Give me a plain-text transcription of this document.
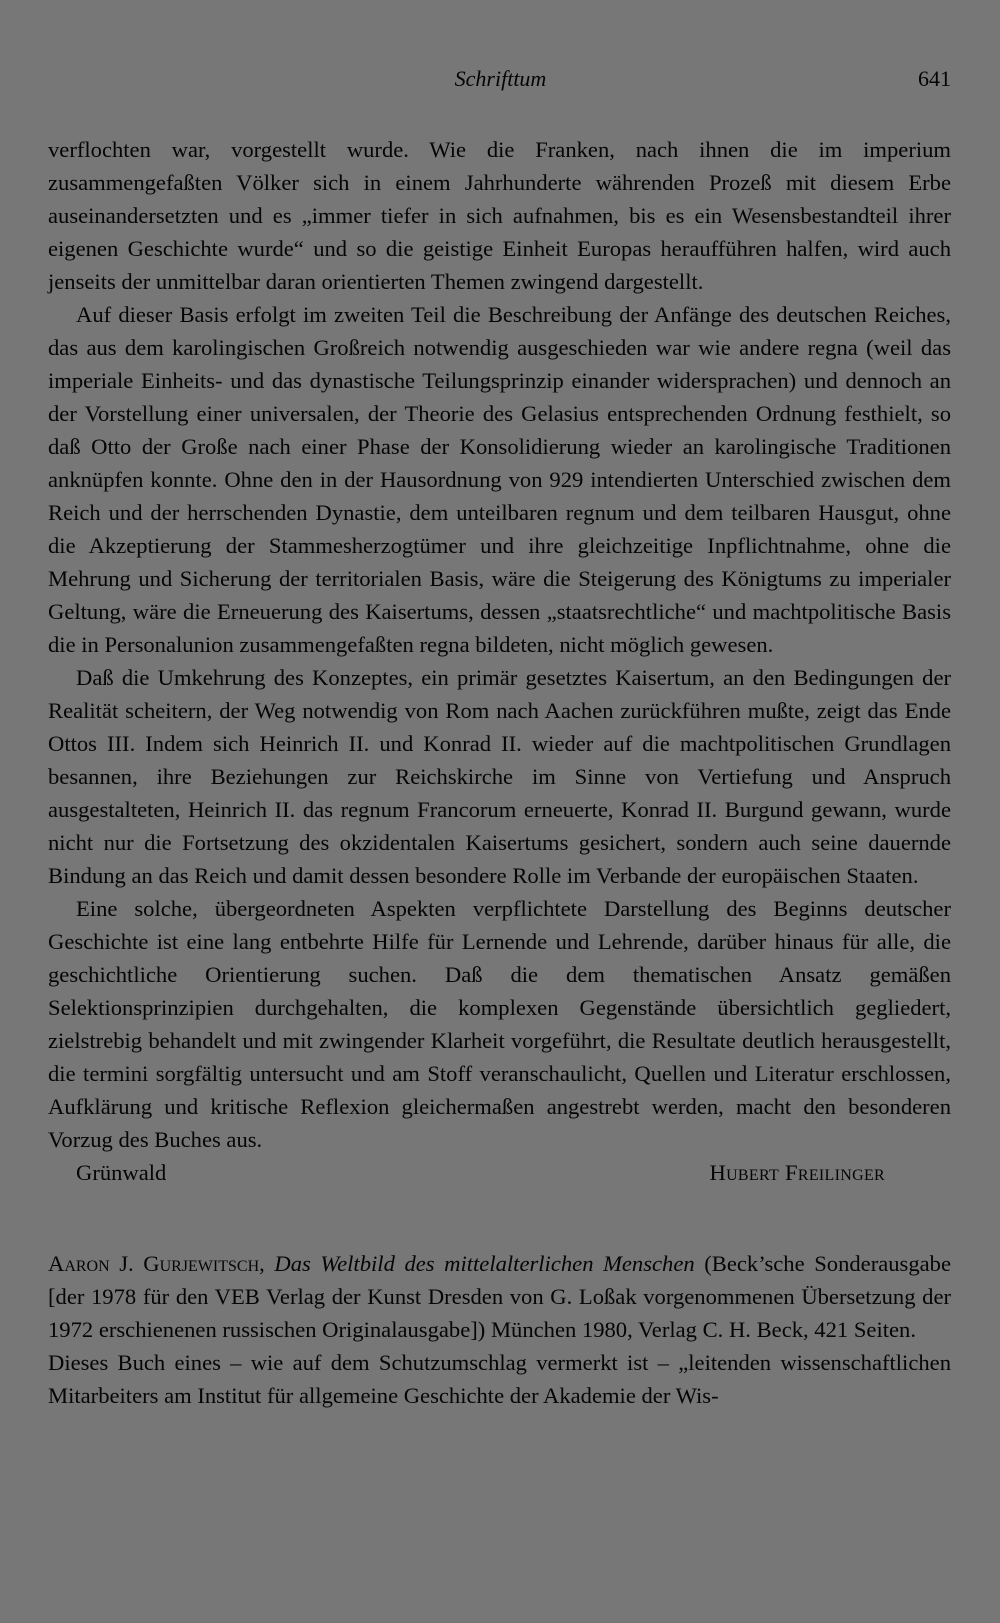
Schrifttum	641

verflochten war, vorgestellt wurde. Wie die Franken, nach ihnen die im imperium zusammengefaßten Völker sich in einem Jahrhunderte währenden Prozeß mit diesem Erbe auseinandersetzten und es „immer tiefer in sich aufnahmen, bis es ein Wesensbestandteil ihrer eigenen Geschichte wurde“ und so die geistige Einheit Europas heraufführen halfen, wird auch jenseits der unmittelbar daran orientierten Themen zwingend dargestellt.

Auf dieser Basis erfolgt im zweiten Teil die Beschreibung der Anfänge des deutschen Reiches, das aus dem karolingischen Großreich notwendig ausgeschieden war wie andere regna (weil das imperiale Einheits- und das dynastische Teilungsprinzip einander widersprachen) und dennoch an der Vorstellung einer universalen, der Theorie des Gelasius entsprechenden Ordnung festhielt, so daß Otto der Große nach einer Phase der Konsolidierung wieder an karolingische Traditionen anknüpfen konnte. Ohne den in der Hausordnung von 929 intendierten Unterschied zwischen dem Reich und der herrschenden Dynastie, dem unteilbaren regnum und dem teilbaren Hausgut, ohne die Akzeptierung der Stammesherzogtümer und ihre gleichzeitige Inpflichtnahme, ohne die Mehrung und Sicherung der territorialen Basis, wäre die Steigerung des Königtums zu imperialer Geltung, wäre die Erneuerung des Kaisertums, dessen „staatsrechtliche“ und machtpolitische Basis die in Personalunion zusammengefaßten regna bildeten, nicht möglich gewesen.

Daß die Umkehrung des Konzeptes, ein primär gesetztes Kaisertum, an den Bedingungen der Realität scheitern, der Weg notwendig von Rom nach Aachen zurückführen mußte, zeigt das Ende Ottos III. Indem sich Heinrich II. und Konrad II. wieder auf die machtpolitischen Grundlagen besannen, ihre Beziehungen zur Reichskirche im Sinne von Vertiefung und Anspruch ausgestalteten, Heinrich II. das regnum Francorum erneuerte, Konrad II. Burgund gewann, wurde nicht nur die Fortsetzung des okzidentalen Kaisertums gesichert, sondern auch seine dauernde Bindung an das Reich und damit dessen besondere Rolle im Verbande der europäischen Staaten.

Eine solche, übergeordneten Aspekten verpflichtete Darstellung des Beginns deutscher Geschichte ist eine lang entbehrte Hilfe für Lernende und Lehrende, darüber hinaus für alle, die geschichtliche Orientierung suchen. Daß die dem thematischen Ansatz gemäßen Selektionsprinzipien durchgehalten, die komplexen Gegenstände übersichtlich gegliedert, zielstrebig behandelt und mit zwingender Klarheit vorgeführt, die Resultate deutlich herausgestellt, die termini sorgfältig untersucht und am Stoff veranschaulicht, Quellen und Literatur erschlossen, Aufklärung und kritische Reflexion gleichermaßen angestrebt werden, macht den besonderen Vorzug des Buches aus.

Grünwald	Hubert Freilinger

Aaron J. Gurjewitsch, Das Weltbild des mittelalterlichen Menschen (Beck’sche Sonderausgabe [der 1978 für den VEB Verlag der Kunst Dresden von G. Loßak vorgenommenen Übersetzung der 1972 erschienenen russischen Originalausgabe]) München 1980, Verlag C. H. Beck, 421 Seiten.

Dieses Buch eines – wie auf dem Schutzumschlag vermerkt ist – „leitenden wissenschaftlichen Mitarbeiters am Institut für allgemeine Geschichte der Akademie der Wis-
